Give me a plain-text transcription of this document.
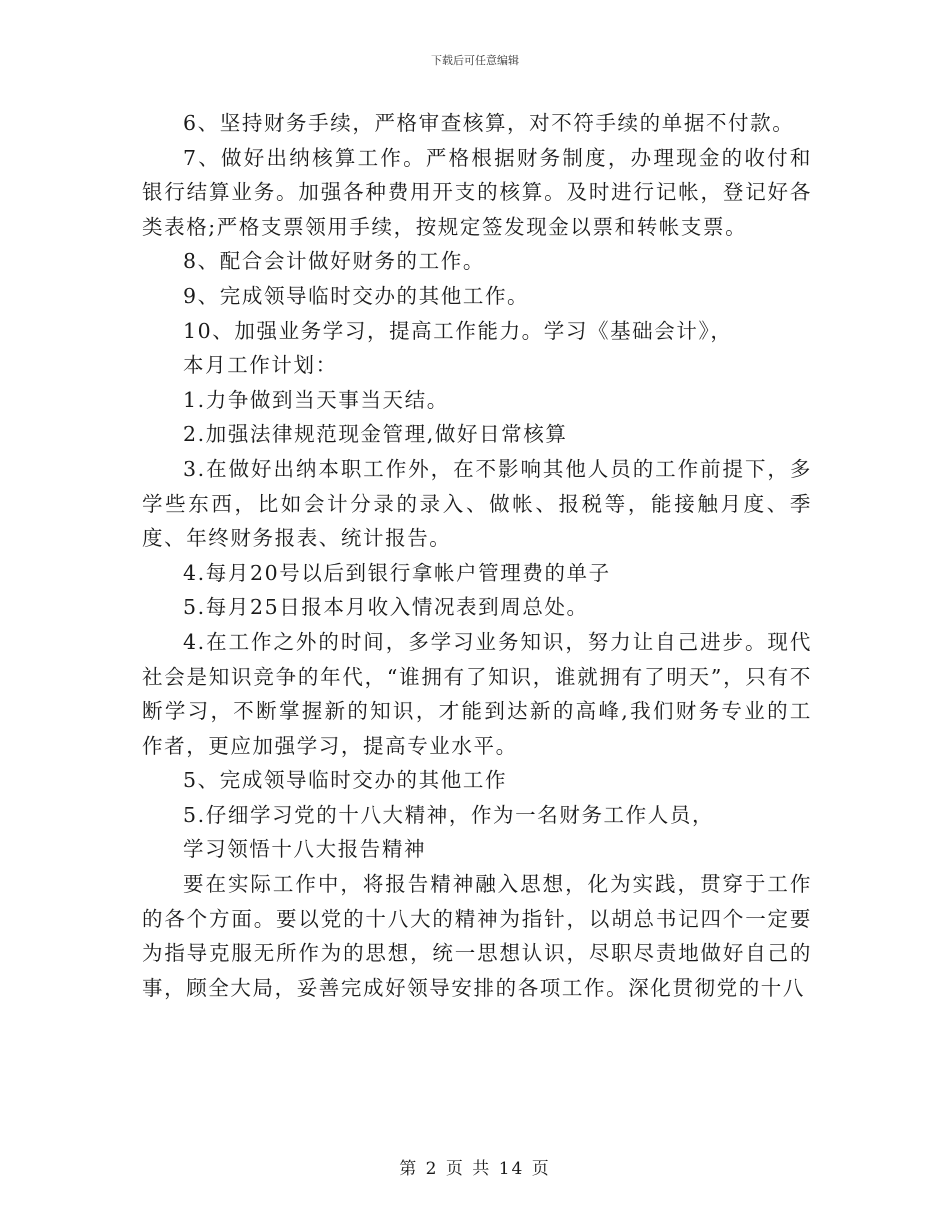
下载后可任意编辑

6、坚持财务手续，严格审查核算，对不符手续的单据不付款。

7、做好出纳核算工作。严格根据财务制度，办理现金的收付和银行结算业务。加强各种费用开支的核算。及时进行记帐，登记好各类表格;严格支票领用手续，按规定签发现金以票和转帐支票。

8、配合会计做好财务的工作。

9、完成领导临时交办的其他工作。

10、加强业务学习，提高工作能力。学习《基础会计》，

本月工作计划：

1.力争做到当天事当天结。

2.加强法律规范现金管理,做好日常核算

3.在做好出纳本职工作外，在不影响其他人员的工作前提下，多学些东西，比如会计分录的录入、做帐、报税等，能接触月度、季度、年终财务报表、统计报告。

4.每月20号以后到银行拿帐户管理费的单子

5.每月25日报本月收入情况表到周总处。

4.在工作之外的时间，多学习业务知识，努力让自己进步。现代社会是知识竞争的年代，“谁拥有了知识，谁就拥有了明天”，只有不断学习，不断掌握新的知识，才能到达新的高峰,我们财务专业的工作者，更应加强学习，提高专业水平。

5、完成领导临时交办的其他工作

5.仔细学习党的十八大精神，作为一名财务工作人员，

学习领悟十八大报告精神

要在实际工作中，将报告精神融入思想，化为实践，贯穿于工作的各个方面。要以党的十八大的精神为指针，以胡总书记四个一定要为指导克服无所作为的思想，统一思想认识，尽职尽责地做好自己的事，顾全大局，妥善完成好领导安排的各项工作。深化贯彻党的十八

第 2 页 共 14 页
